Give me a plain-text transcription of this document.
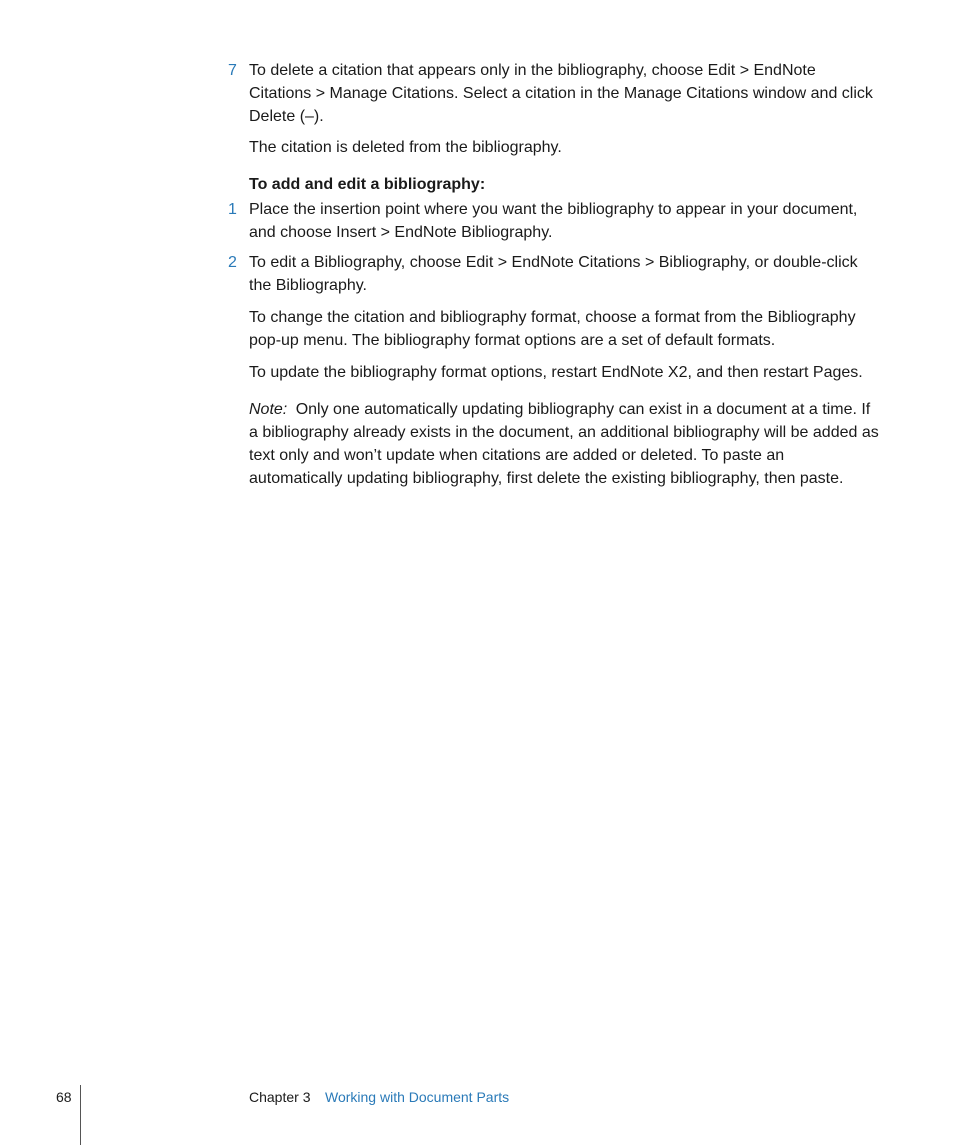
7 To delete a citation that appears only in the bibliography, choose Edit > EndNote Citations > Manage Citations. Select a citation in the Manage Citations window and click Delete (–).
The citation is deleted from the bibliography.
To add and edit a bibliography:
1 Place the insertion point where you want the bibliography to appear in your document, and choose Insert > EndNote Bibliography.
2 To edit a Bibliography, choose Edit > EndNote Citations > Bibliography, or double-click the Bibliography.
To change the citation and bibliography format, choose a format from the Bibliography pop-up menu. The bibliography format options are a set of default formats.
To update the bibliography format options, restart EndNote X2, and then restart Pages.
Note: Only one automatically updating bibliography can exist in a document at a time. If a bibliography already exists in the document, an additional bibliography will be added as text only and won’t update when citations are added or deleted. To paste an automatically updating bibliography, first delete the existing bibliography, then paste.
68	Chapter 3 Working with Document Parts
